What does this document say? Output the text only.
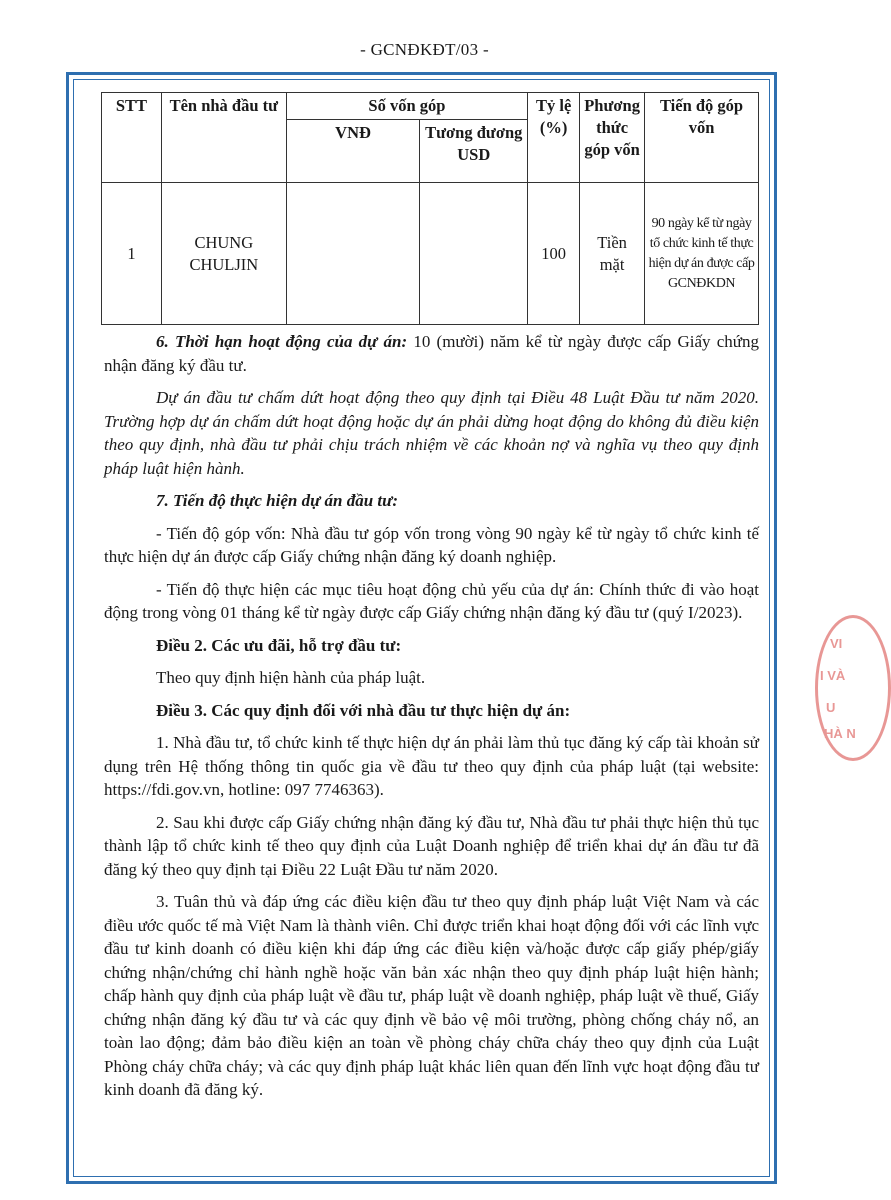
- GCNĐKĐT/03 -
STT	Tên nhà đầu tư	Số vốn góp		Tỷ lệ (%)	Phương thức góp vốn	Tiến độ góp vốn
		VNĐ	Tương đương USD			
1	CHUNG CHULJIN			100	Tiền mặt	90 ngày kể từ ngày tổ chức kinh tế thực hiện dự án được cấp GCNĐKDN

6. Thời hạn hoạt động của dự án: 10 (mười) năm kể từ ngày được cấp Giấy chứng nhận đăng ký đầu tư.

Dự án đầu tư chấm dứt hoạt động theo quy định tại Điều 48 Luật Đầu tư năm 2020. Trường hợp dự án chấm dứt hoạt động hoặc dự án phải dừng hoạt động do không đủ điều kiện theo quy định, nhà đầu tư phải chịu trách nhiệm về các khoản nợ và nghĩa vụ theo quy định pháp luật hiện hành.

7. Tiến độ thực hiện dự án đầu tư:

- Tiến độ góp vốn: Nhà đầu tư góp vốn trong vòng 90 ngày kể từ ngày tổ chức kinh tế thực hiện dự án được cấp Giấy chứng nhận đăng ký doanh nghiệp.

- Tiến độ thực hiện các mục tiêu hoạt động chủ yếu của dự án: Chính thức đi vào hoạt động trong vòng 01 tháng kể từ ngày được cấp Giấy chứng nhận đăng ký đầu tư (quý I/2023).

Điều 2. Các ưu đãi, hỗ trợ đầu tư:

Theo quy định hiện hành của pháp luật.

Điều 3. Các quy định đối với nhà đầu tư thực hiện dự án:

1. Nhà đầu tư, tổ chức kinh tế thực hiện dự án phải làm thủ tục đăng ký cấp tài khoản sử dụng trên Hệ thống thông tin quốc gia về đầu tư theo quy định của pháp luật (tại website: https://fdi.gov.vn, hotline: 097 7746363).

2. Sau khi được cấp Giấy chứng nhận đăng ký đầu tư, Nhà đầu tư phải thực hiện thủ tục thành lập tổ chức kinh tế theo quy định của Luật Doanh nghiệp để triển khai dự án đầu tư đã đăng ký theo quy định tại Điều 22 Luật Đầu tư năm 2020.

3. Tuân thủ và đáp ứng các điều kiện đầu tư theo quy định pháp luật Việt Nam và các điều ước quốc tế mà Việt Nam là thành viên. Chỉ được triển khai hoạt động đối với các lĩnh vực đầu tư kinh doanh có điều kiện khi đáp ứng các điều kiện và/hoặc được cấp giấy phép/giấy chứng nhận/chứng chỉ hành nghề hoặc văn bản xác nhận theo quy định pháp luật hiện hành; chấp hành quy định của pháp luật về đầu tư, pháp luật về doanh nghiệp, pháp luật về thuế, Giấy chứng nhận đăng ký đầu tư và các quy định về bảo vệ môi trường, phòng chống cháy nổ, an toàn lao động; đảm bảo điều kiện an toàn về phòng cháy chữa cháy theo quy định của Luật Phòng cháy chữa cháy; và các quy định pháp luật khác liên quan đến lĩnh vực hoạt động đầu tư kinh doanh đã đăng ký.

VI
I VÀ
U
HÀ N
